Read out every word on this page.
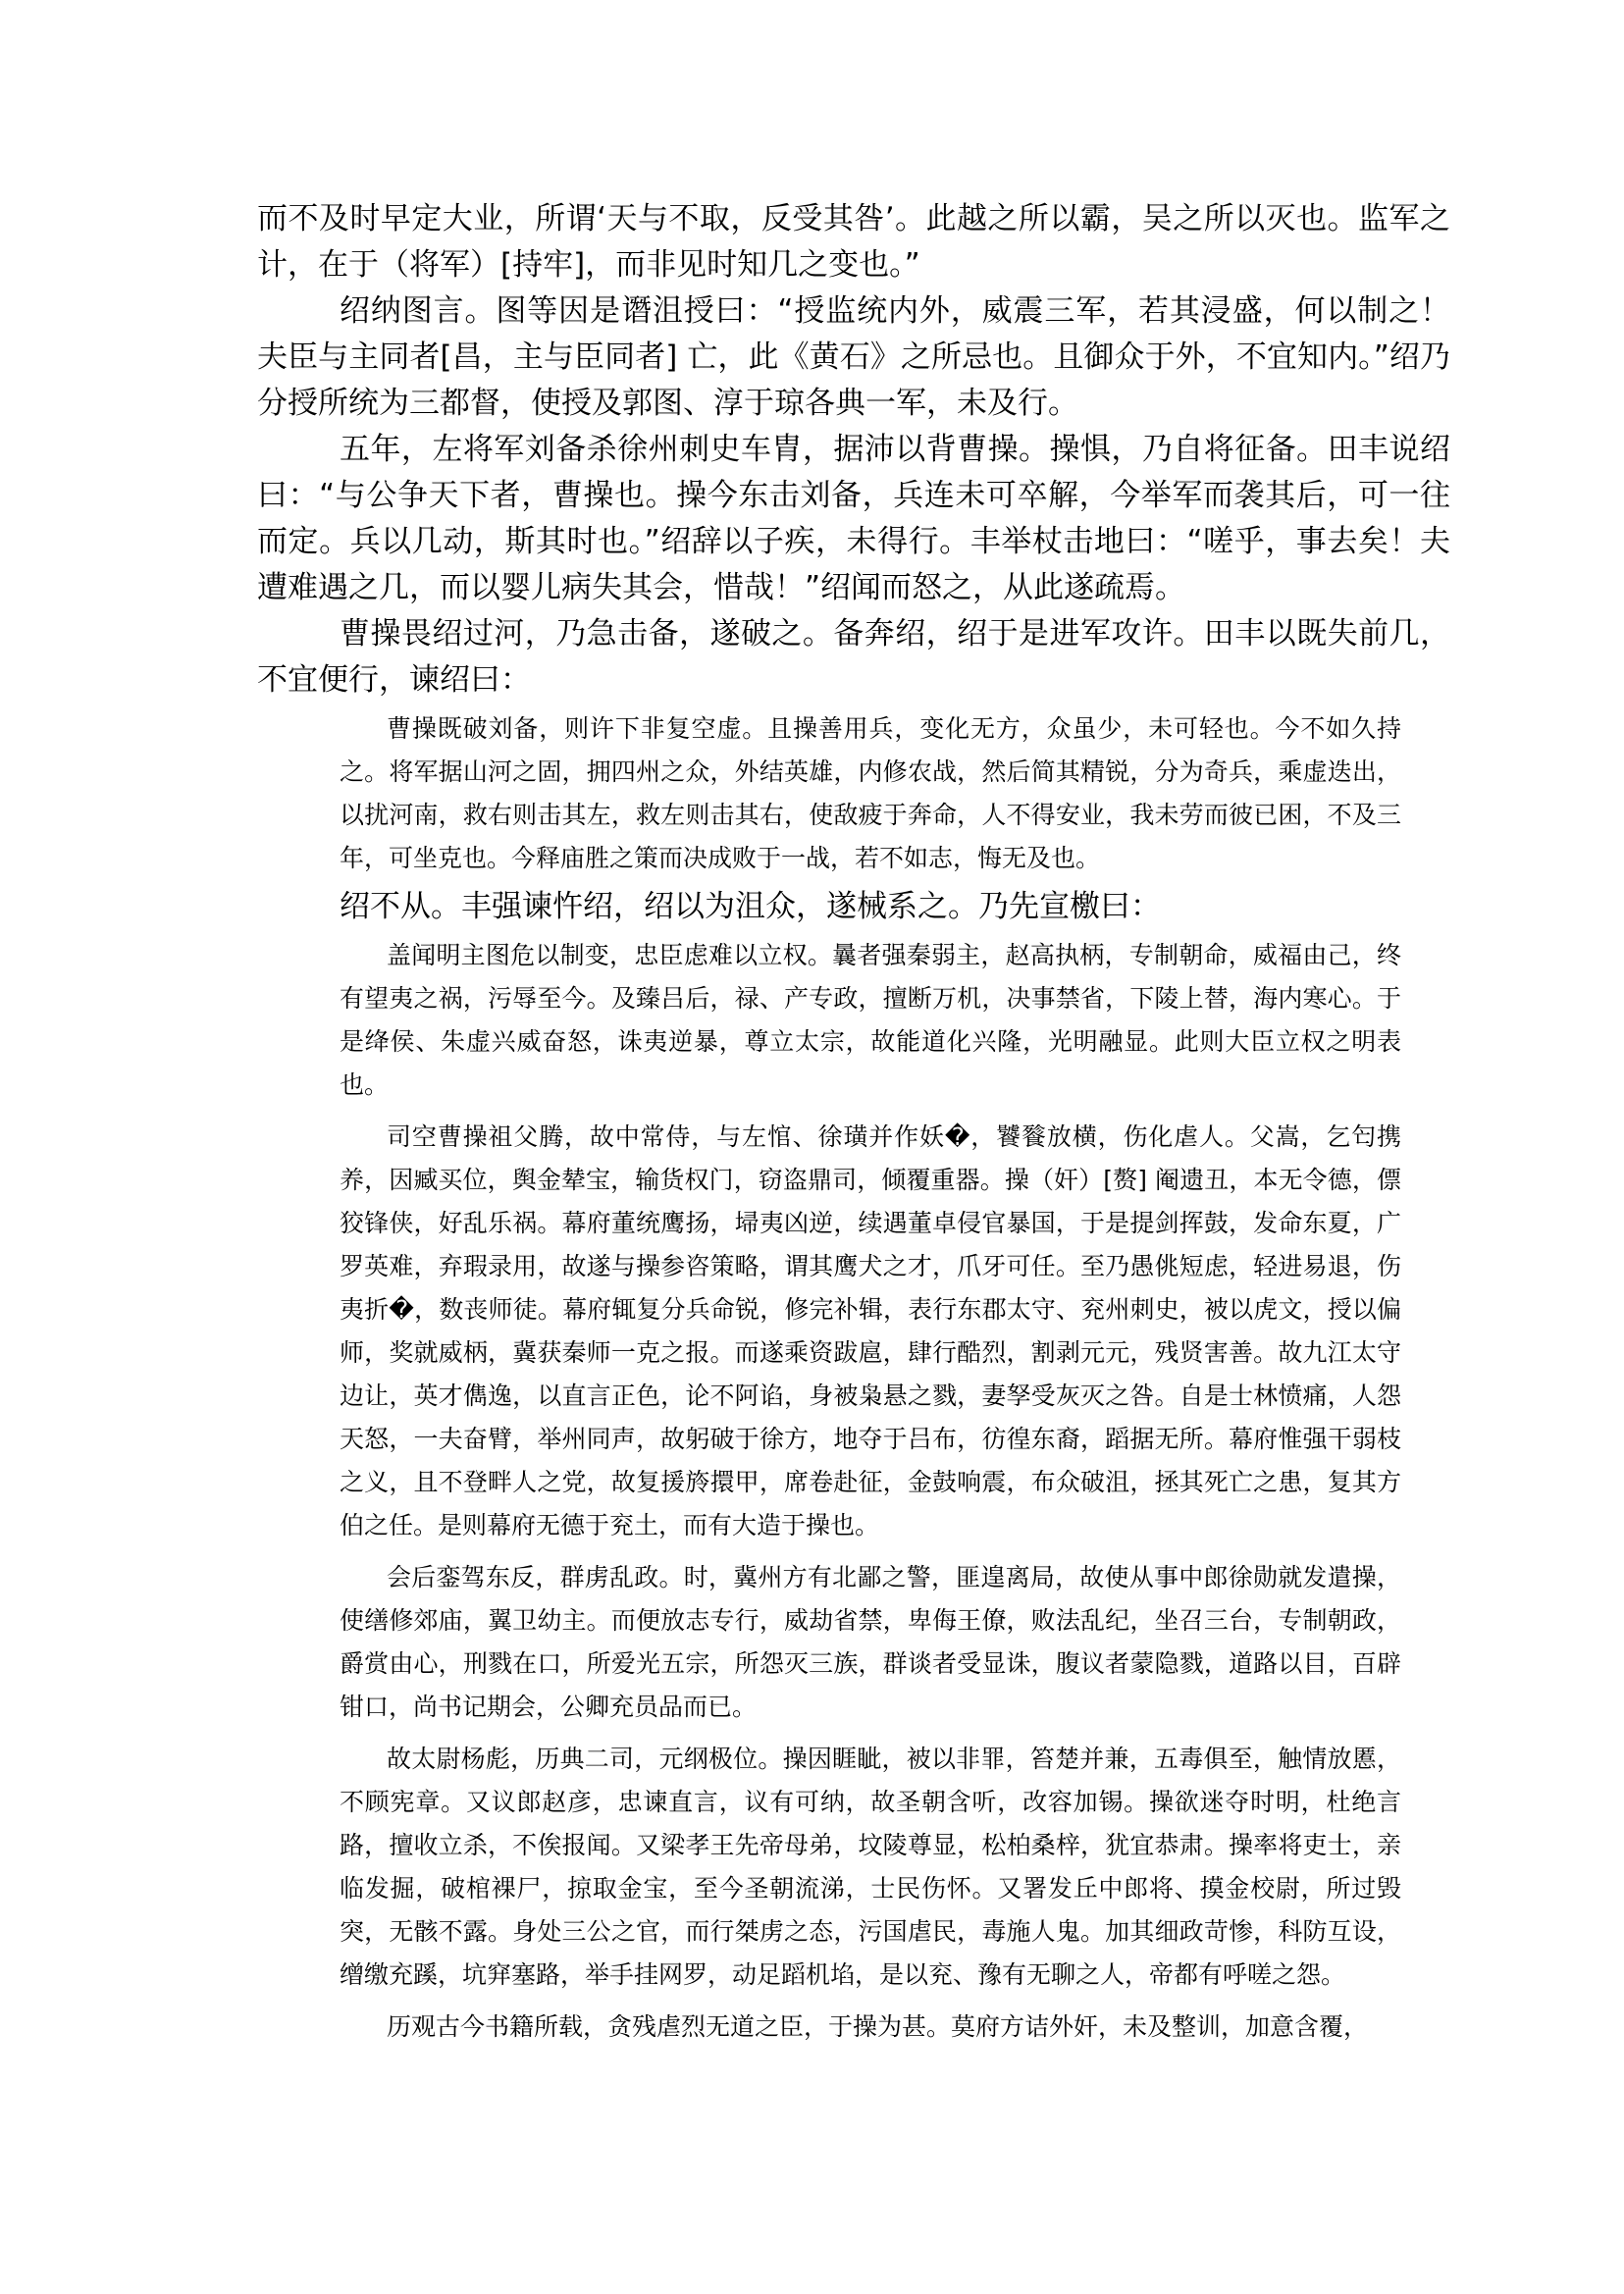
而不及时早定大业，所谓‘天与不取，反受其咎’。此越之所以霸，吴之所以灭也。监军之计，在于（将军）[持牢]，而非见时知几之变也。”

绍纳图言。图等因是谮沮授曰：“授监统内外，威震三军，若其浸盛，何以制之！夫臣与主同者[昌，主与臣同者] 亡，此《黄石》之所忌也。且御众于外，不宜知内。”绍乃分授所统为三都督，使授及郭图、淳于琼各典一军，未及行。

五年，左将军刘备杀徐州刺史车胄，据沛以背曹操。操惧，乃自将征备。田丰说绍曰：“与公争天下者，曹操也。操今东击刘备，兵连未可卒解，今举军而袭其后，可一往而定。兵以几动，斯其时也。”绍辞以子疾，未得行。丰举杖击地曰：“嗟乎，事去矣！夫遭难遇之几，而以婴儿病失其会，惜哉！”绍闻而怒之，从此遂疏焉。

曹操畏绍过河，乃急击备，遂破之。备奔绍，绍于是进军攻许。田丰以既失前几，不宜便行，谏绍曰：

曹操既破刘备，则许下非复空虚。且操善用兵，变化无方，众虽少，未可轻也。今不如久持之。将军据山河之固，拥四州之众，外结英雄，内修农战，然后简其精锐，分为奇兵，乘虚迭出，以扰河南，救右则击其左，救左则击其右，使敌疲于奔命，人不得安业，我未劳而彼已困，不及三年，可坐克也。今释庙胜之策而决成败于一战，若不如志，悔无及也。

绍不从。丰强谏忤绍，绍以为沮众，遂械系之。乃先宣檄曰：

盖闻明主图危以制变，忠臣虑难以立权。曩者强秦弱主，赵高执柄，专制朝命，威福由己，终有望夷之祸，污辱至今。及臻吕后，禄、产专政，擅断万机，决事禁省，下陵上替，海内寒心。于是绛侯、朱虚兴威奋怒，诛夷逆暴，尊立太宗，故能道化兴隆，光明融显。此则大臣立权之明表也。

司空曹操祖父腾，故中常侍，与左悺、徐璜并作妖�，饕餮放横，伤化虐人。父嵩，乞匄携养，因臧买位，舆金辇宝，输货权门，窃盗鼎司，倾覆重器。操（奸）[赘] 阉遗丑，本无令德，僄狡锋侠，好乱乐祸。幕府董统鹰扬，埽夷凶逆，续遇董卓侵官暴国，于是提剑挥鼓，发命东夏，广罗英难，弃瑕录用，故遂与操参咨策略，谓其鹰犬之才，爪牙可任。至乃愚佻短虑，轻进易退，伤夷折�，数丧师徒。幕府辄复分兵命锐，修完补辑，表行东郡太守、兖州刺史，被以虎文，授以偏师，奖就威柄，冀获秦师一克之报。而遂乘资跋扈，肆行酷烈，割剥元元，残贤害善。故九江太守边让，英才儁逸，以直言正色，论不阿谄，身被枭悬之戮，妻孥受灰灭之咎。自是士林愤痛，人怨天怒，一夫奋臂，举州同声，故躬破于徐方，地夺于吕布，彷徨东裔，蹈据无所。幕府惟强干弱枝之义，且不登畔人之党，故复援旍擐甲，席卷赴征，金鼓响震，布众破沮，拯其死亡之患，复其方伯之任。是则幕府无德于兖土，而有大造于操也。

会后銮驾东反，群虏乱政。时，冀州方有北鄙之警，匪遑离局，故使从事中郎徐勋就发遣操，使缮修郊庙，翼卫幼主。而便放志专行，威劫省禁，卑侮王僚，败法乱纪，坐召三台，专制朝政，爵赏由心，刑戮在口，所爱光五宗，所怨灭三族，群谈者受显诛，腹议者蒙隐戮，道路以目，百辟钳口，尚书记期会，公卿充员品而已。

故太尉杨彪，历典二司，元纲极位。操因睚眦，被以非罪，笞楚并兼，五毒俱至，触情放慝，不顾宪章。又议郎赵彦，忠谏直言，议有可纳，故圣朝含听，改容加锡。操欲迷夺时明，杜绝言路，擅收立杀，不俟报闻。又梁孝王先帝母弟，坟陵尊显，松柏桑梓，犹宜恭肃。操率将吏士，亲临发掘，破棺裸尸，掠取金宝，至今圣朝流涕，士民伤怀。又署发丘中郎将、摸金校尉，所过毁突，无骸不露。身处三公之官，而行桀虏之态，污国虐民，毒施人鬼。加其细政苛惨，科防互设，缯缴充蹊，坑穽塞路，举手挂网罗，动足蹈机埳，是以兖、豫有无聊之人，帝都有呼嗟之怨。

历观古今书籍所载，贪残虐烈无道之臣，于操为甚。莫府方诘外奸，未及整训，加意含覆，
